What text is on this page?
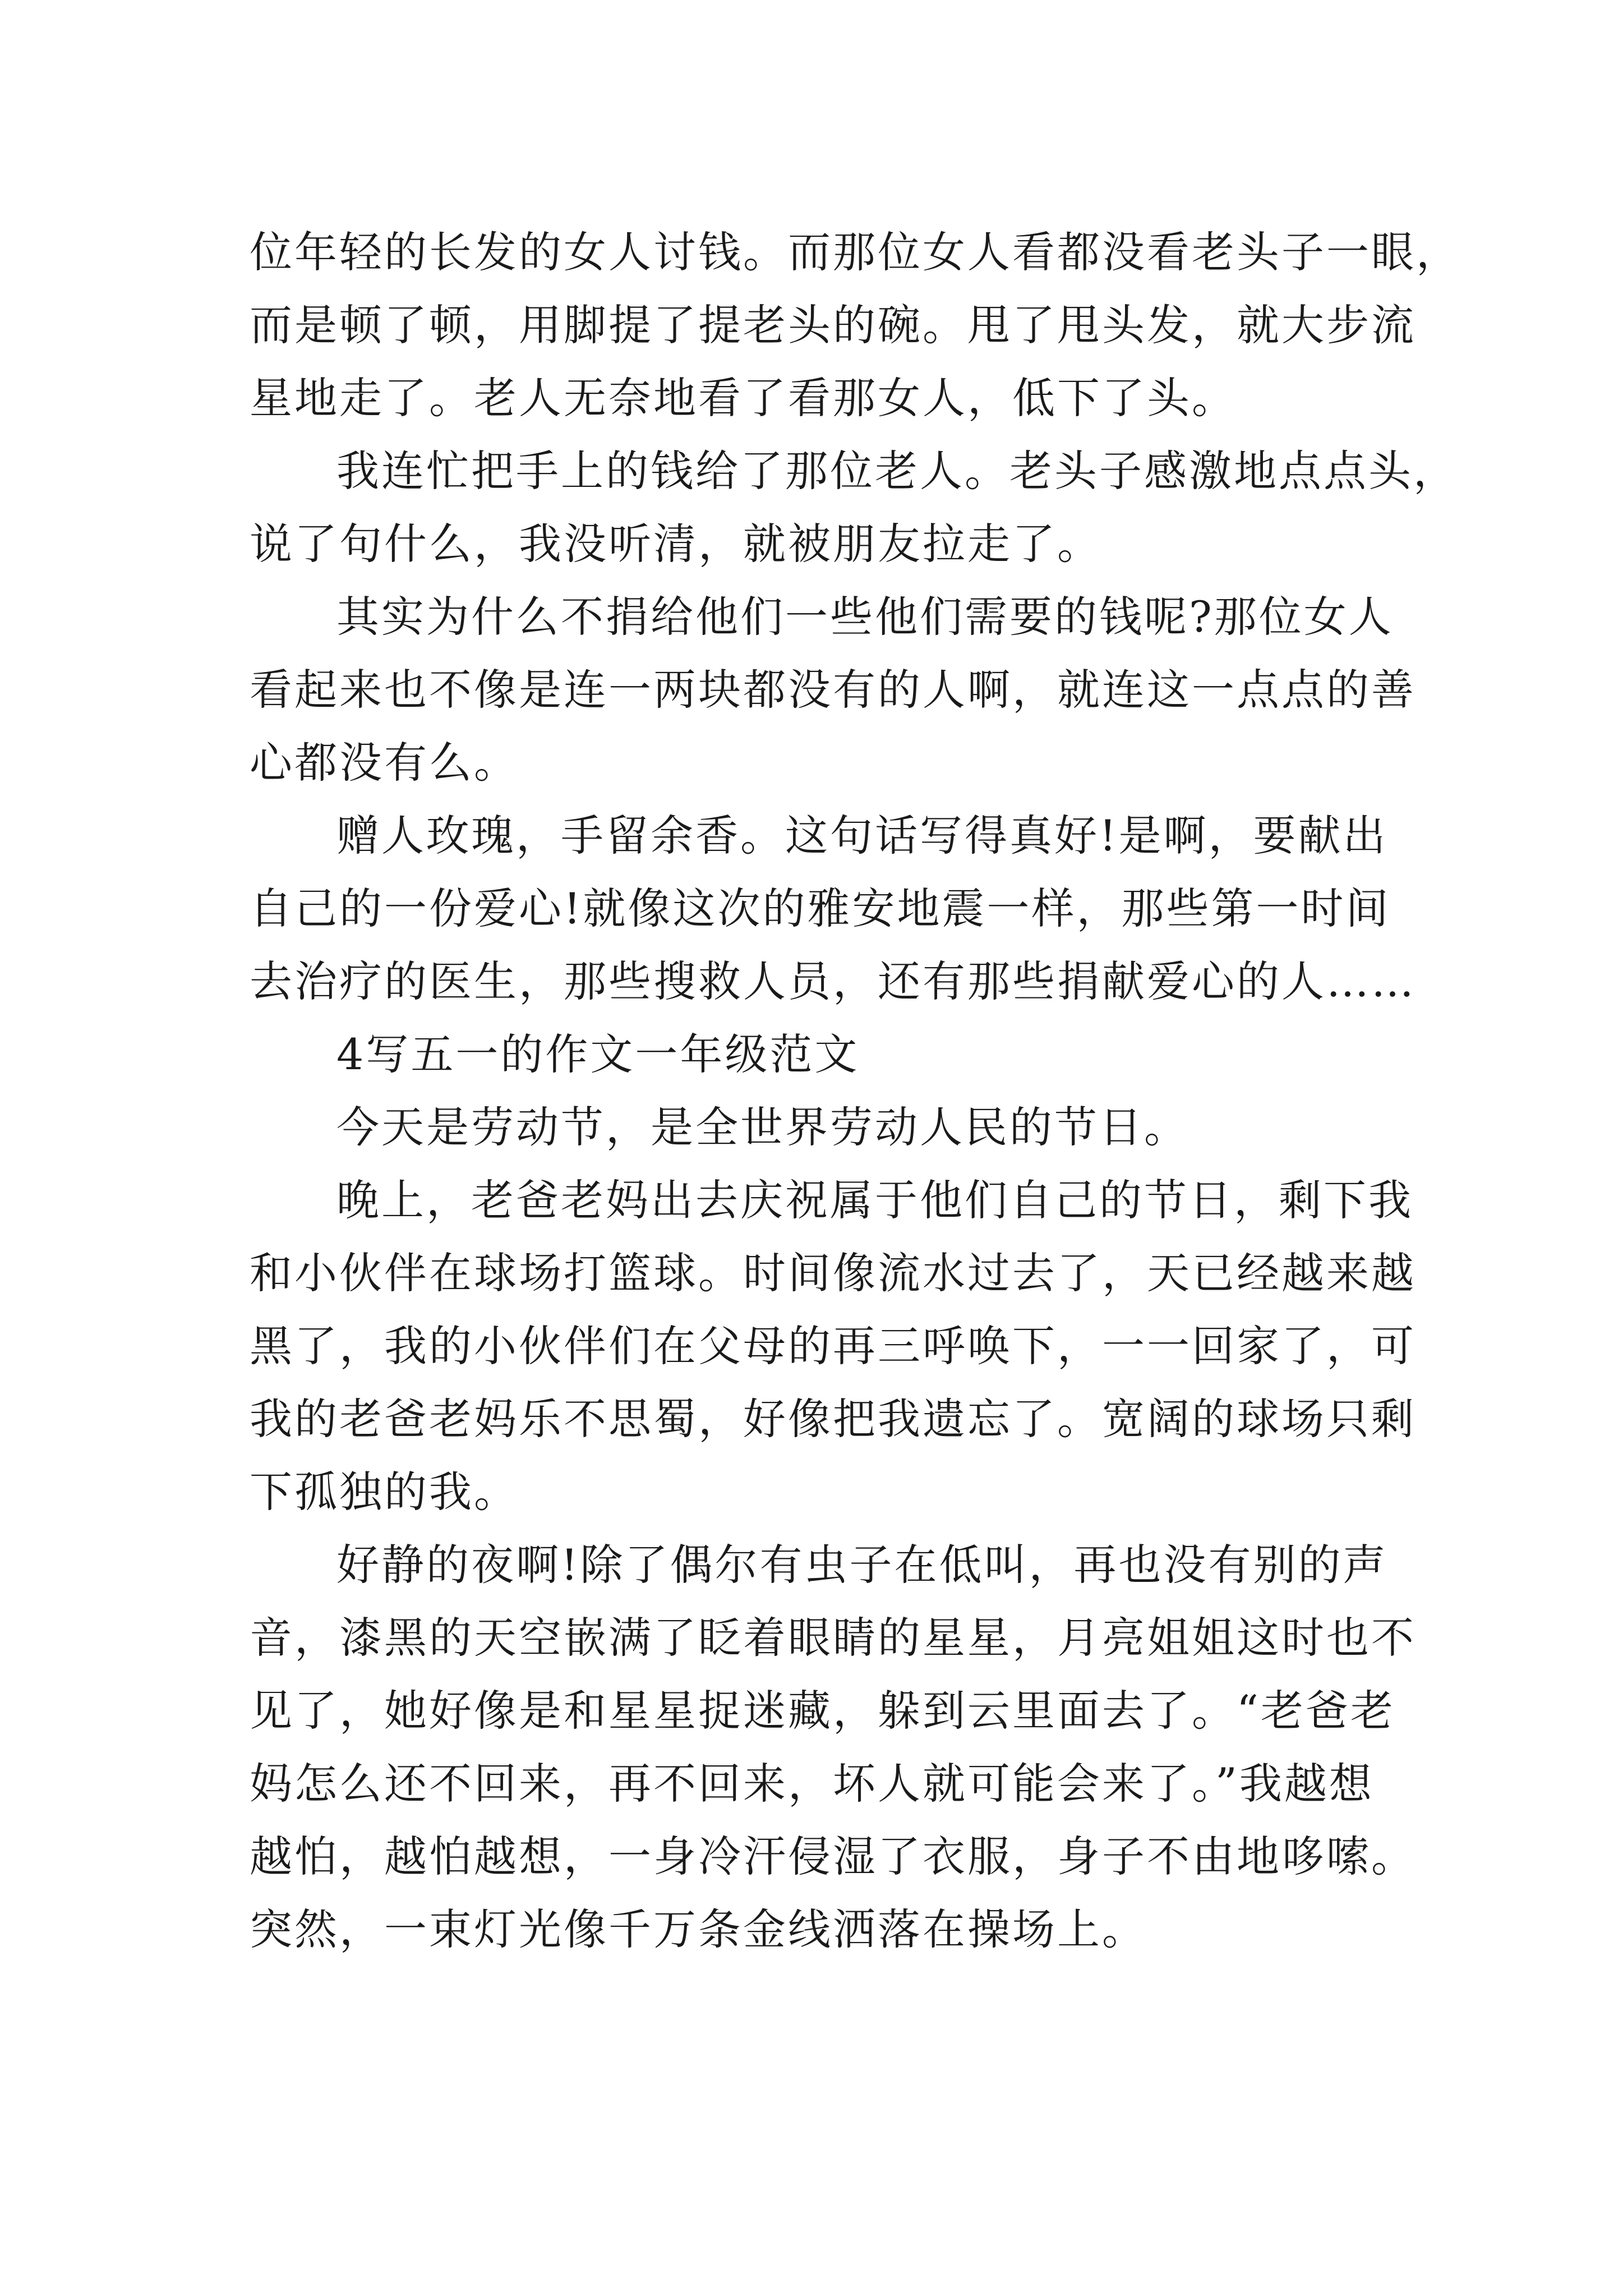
位年轻的长发的女人讨钱。而那位女人看都没看老头子一眼，
而是顿了顿，用脚提了提老头的碗。甩了甩头发，就大步流
星地走了。老人无奈地看了看那女人，低下了头。
我连忙把手上的钱给了那位老人。老头子感激地点点头，
说了句什么，我没听清，就被朋友拉走了。
其实为什么不捐给他们一些他们需要的钱呢?那位女人
看起来也不像是连一两块都没有的人啊，就连这一点点的善
心都没有么。
赠人玫瑰，手留余香。这句话写得真好!是啊，要献出
自己的一份爱心!就像这次的雅安地震一样，那些第一时间
去治疗的医生，那些搜救人员，还有那些捐献爱心的人……
4写五一的作文一年级范文
今天是劳动节，是全世界劳动人民的节日。
晚上，老爸老妈出去庆祝属于他们自己的节日，剩下我
和小伙伴在球场打篮球。时间像流水过去了，天已经越来越
黑了，我的小伙伴们在父母的再三呼唤下，一一回家了，可
我的老爸老妈乐不思蜀，好像把我遗忘了。宽阔的球场只剩
下孤独的我。
好静的夜啊!除了偶尔有虫子在低叫，再也没有别的声
音，漆黑的天空嵌满了眨着眼睛的星星，月亮姐姐这时也不
见了，她好像是和星星捉迷藏，躲到云里面去了。“老爸老
妈怎么还不回来，再不回来，坏人就可能会来了。”我越想
越怕，越怕越想，一身冷汗侵湿了衣服，身子不由地哆嗦。
突然，一束灯光像千万条金线洒落在操场上。
